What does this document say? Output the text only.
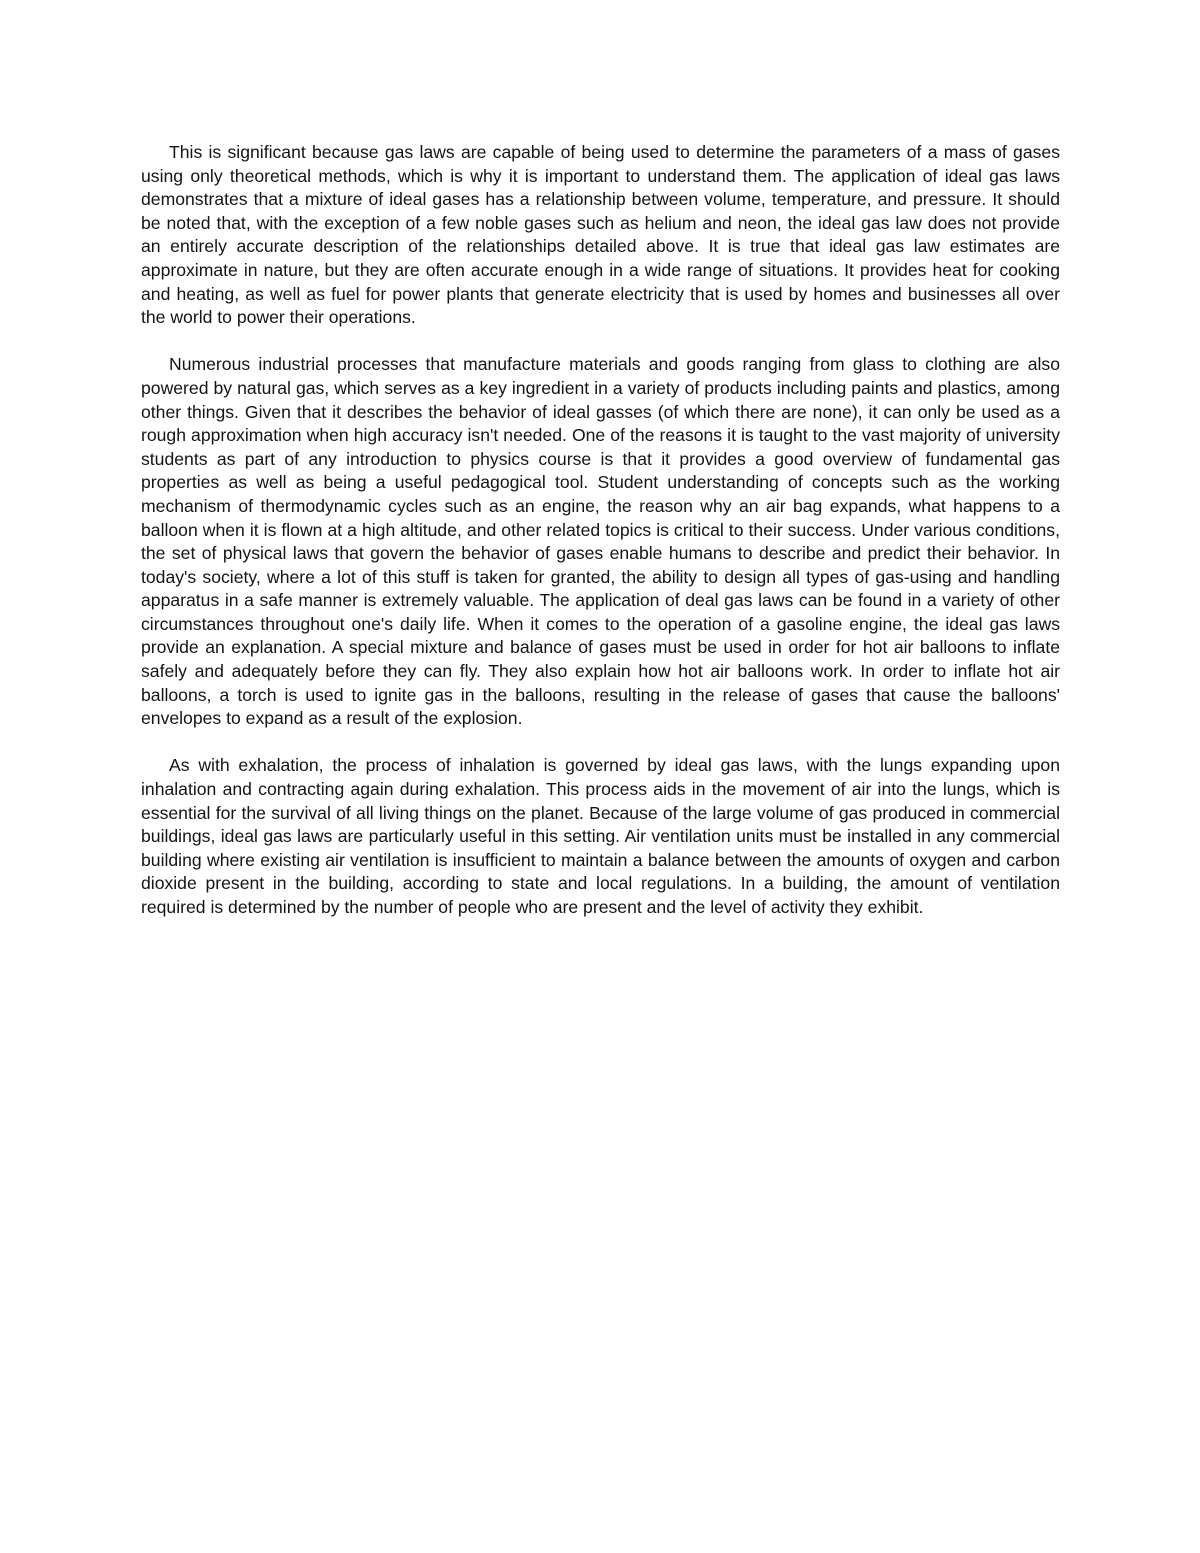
This is significant because gas laws are capable of being used to determine the parameters of a mass of gases using only theoretical methods, which is why it is important to understand them. The application of ideal gas laws demonstrates that a mixture of ideal gases has a relationship between volume, temperature, and pressure. It should be noted that, with the exception of a few noble gases such as helium and neon, the ideal gas law does not provide an entirely accurate description of the relationships detailed above. It is true that ideal gas law estimates are approximate in nature, but they are often accurate enough in a wide range of situations. It provides heat for cooking and heating, as well as fuel for power plants that generate electricity that is used by homes and businesses all over the world to power their operations.

Numerous industrial processes that manufacture materials and goods ranging from glass to clothing are also powered by natural gas, which serves as a key ingredient in a variety of products including paints and plastics, among other things. Given that it describes the behavior of ideal gasses (of which there are none), it can only be used as a rough approximation when high accuracy isn't needed. One of the reasons it is taught to the vast majority of university students as part of any introduction to physics course is that it provides a good overview of fundamental gas properties as well as being a useful pedagogical tool. Student understanding of concepts such as the working mechanism of thermodynamic cycles such as an engine, the reason why an air bag expands, what happens to a balloon when it is flown at a high altitude, and other related topics is critical to their success. Under various conditions, the set of physical laws that govern the behavior of gases enable humans to describe and predict their behavior. In today's society, where a lot of this stuff is taken for granted, the ability to design all types of gas-using and handling apparatus in a safe manner is extremely valuable. The application of deal gas laws can be found in a variety of other circumstances throughout one's daily life. When it comes to the operation of a gasoline engine, the ideal gas laws provide an explanation. A special mixture and balance of gases must be used in order for hot air balloons to inflate safely and adequately before they can fly. They also explain how hot air balloons work. In order to inflate hot air balloons, a torch is used to ignite gas in the balloons, resulting in the release of gases that cause the balloons' envelopes to expand as a result of the explosion.

As with exhalation, the process of inhalation is governed by ideal gas laws, with the lungs expanding upon inhalation and contracting again during exhalation. This process aids in the movement of air into the lungs, which is essential for the survival of all living things on the planet. Because of the large volume of gas produced in commercial buildings, ideal gas laws are particularly useful in this setting. Air ventilation units must be installed in any commercial building where existing air ventilation is insufficient to maintain a balance between the amounts of oxygen and carbon dioxide present in the building, according to state and local regulations. In a building, the amount of ventilation required is determined by the number of people who are present and the level of activity they exhibit.
